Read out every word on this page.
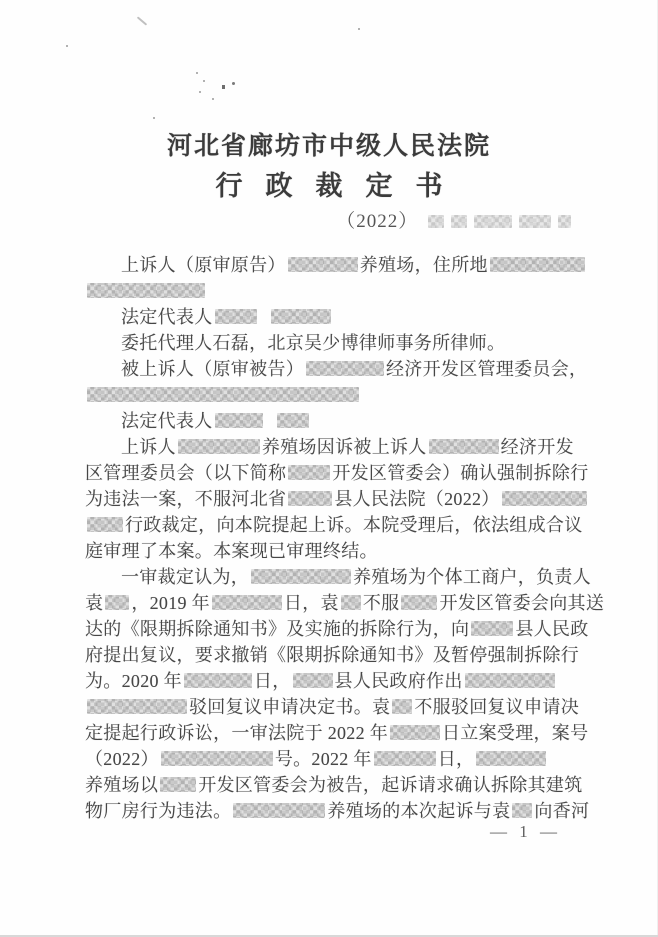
河北省廊坊市中级人民法院
行政裁定书
（2022）
上诉人（原审原告）	养殖场，住所地
法定代表人
委托代理人石磊，北京吴少博律师事务所律师。
被上诉人（原审被告）	经济开发区管理委员会，
法定代表人
上诉人	养殖场因诉被上诉人	经济开发
区管理委员会（以下简称	开发区管委会）确认强制拆除行
为违法一案，不服河北省	县人民法院（2022）
行政裁定，向本院提起上诉。本院受理后，依法组成合议
庭审理了本案。本案现已审理终结。
一审裁定认为，	养殖场为个体工商户，负责人
袁 ，2019 年	日，袁 不服 开发区管委会向其送
达的《限期拆除通知书》及实施的拆除行为，向	县人民政
府提出复议，要求撤销《限期拆除通知书》及暂停强制拆除行
为。2020 年	日， 县人民政府作出
驳回复议申请决定书。袁 不服驳回复议申请决
定提起行政诉讼，一审法院于 2022 年	日立案受理，案号
（2022）	号。2022 年	日，
养殖场以 开发区管委会为被告，起诉请求确认拆除其建筑
物厂房行为违法。	养殖场的本次起诉与袁 向香河
— 1 —
